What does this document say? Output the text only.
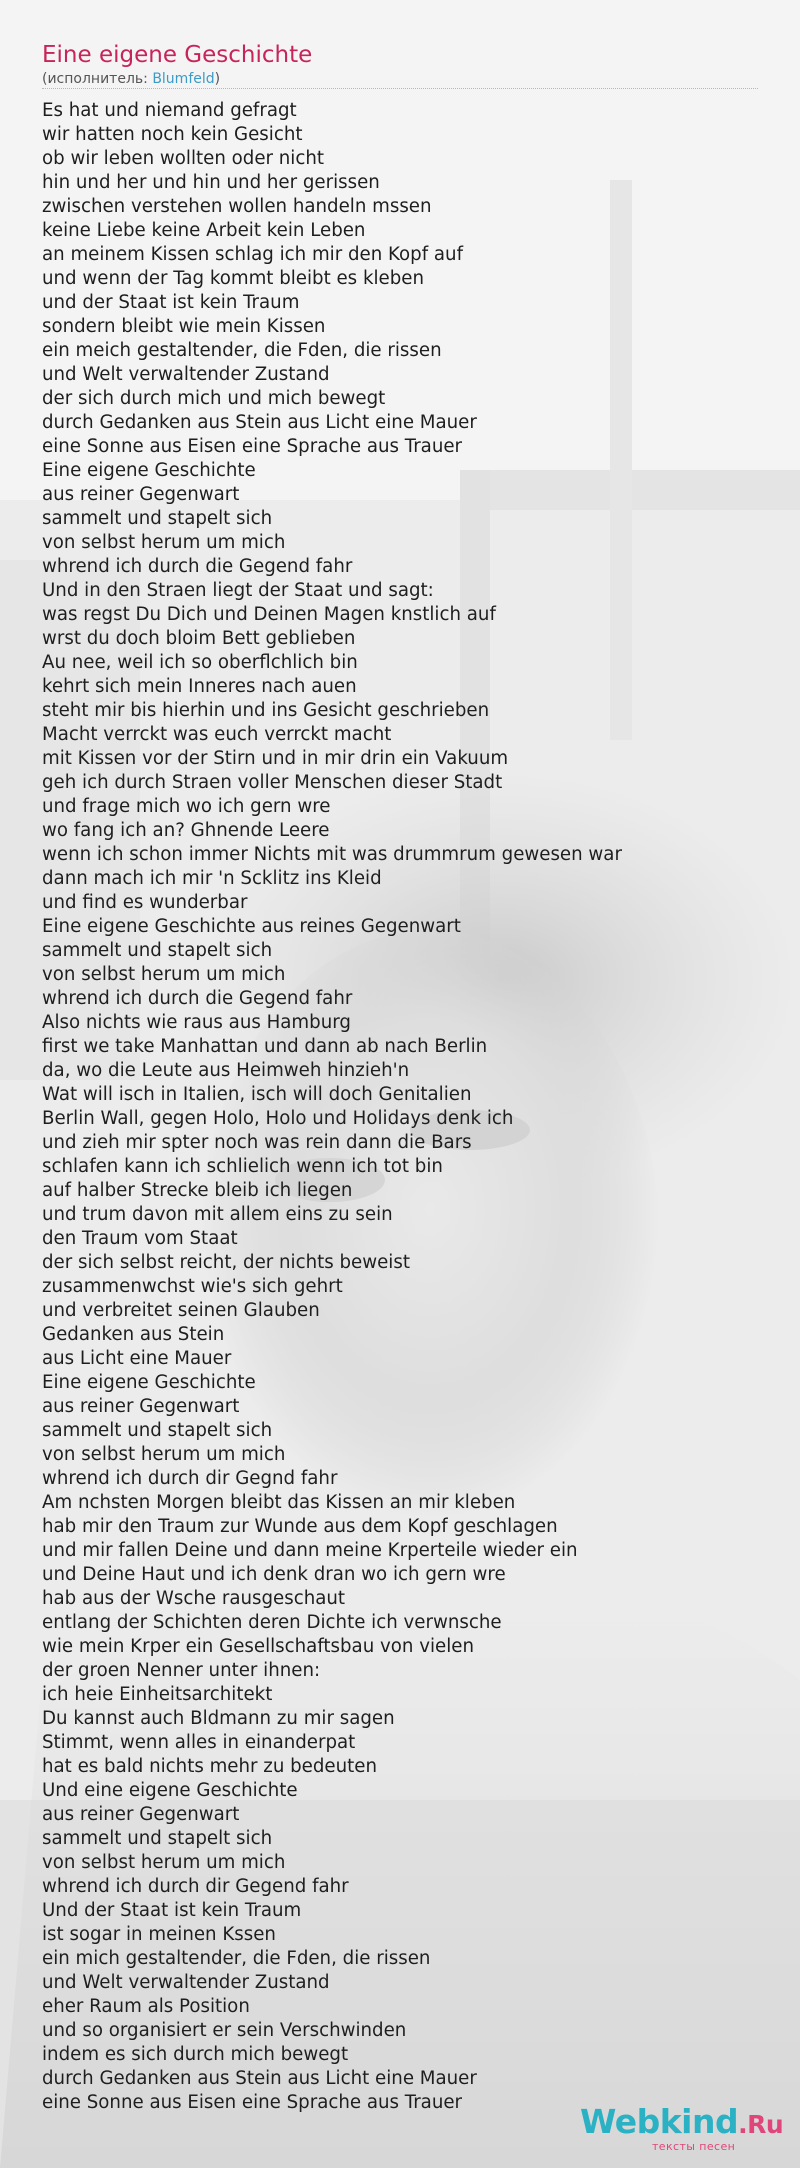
Eine eigene Geschichte
(исполнитель: Blumfeld)
Es hat und niemand gefragt
wir hatten noch kein Gesicht
ob wir leben wollten oder nicht
hin und her und hin und her gerissen
zwischen verstehen wollen handeln mssen
keine Liebe keine Arbeit kein Leben
an meinem Kissen schlag ich mir den Kopf auf
und wenn der Tag kommt bleibt es kleben
und der Staat ist kein Traum
sondern bleibt wie mein Kissen
ein meich gestaltender, die Fden, die rissen
und Welt verwaltender Zustand
der sich durch mich und mich bewegt
durch Gedanken aus Stein aus Licht eine Mauer
eine Sonne aus Eisen eine Sprache aus Trauer
Eine eigene Geschichte
aus reiner Gegenwart
sammelt und stapelt sich
von selbst herum um mich
whrend ich durch die Gegend fahr
Und in den Straen liegt der Staat und sagt:
was regst Du Dich und Deinen Magen knstlich auf
wrst du doch bloim Bett geblieben
Au nee, weil ich so oberflchlich bin
kehrt sich mein Inneres nach auen
steht mir bis hierhin und ins Gesicht geschrieben
Macht verrckt was euch verrckt macht
mit Kissen vor der Stirn und in mir drin ein Vakuum
geh ich durch Straen voller Menschen dieser Stadt
und frage mich wo ich gern wre
wo fang ich an? Ghnende Leere
wenn ich schon immer Nichts mit was drummrum gewesen war
dann mach ich mir 'n Scklitz ins Kleid
und find es wunderbar
Eine eigene Geschichte aus reines Gegenwart
sammelt und stapelt sich
von selbst herum um mich
whrend ich durch die Gegend fahr
Also nichts wie raus aus Hamburg
first we take Manhattan und dann ab nach Berlin
da, wo die Leute aus Heimweh hinzieh'n
Wat will isch in Italien, isch will doch Genitalien
Berlin Wall, gegen Holo, Holo und Holidays denk ich
und zieh mir spter noch was rein dann die Bars
schlafen kann ich schlielich wenn ich tot bin
auf halber Strecke bleib ich liegen
und trum davon mit allem eins zu sein
den Traum vom Staat
der sich selbst reicht, der nichts beweist
zusammenwchst wie's sich gehrt
und verbreitet seinen Glauben
Gedanken aus Stein
aus Licht eine Mauer
Eine eigene Geschichte
aus reiner Gegenwart
sammelt und stapelt sich
von selbst herum um mich
whrend ich durch dir Gegnd fahr
Am nchsten Morgen bleibt das Kissen an mir kleben
hab mir den Traum zur Wunde aus dem Kopf geschlagen
und mir fallen Deine und dann meine Krperteile wieder ein
und Deine Haut und ich denk dran wo ich gern wre
hab aus der Wsche rausgeschaut
entlang der Schichten deren Dichte ich verwnsche
wie mein Krper ein Gesellschaftsbau von vielen
der groen Nenner unter ihnen:
ich heie Einheitsarchitekt
Du kannst auch Bldmann zu mir sagen
Stimmt, wenn alles in einanderpat
hat es bald nichts mehr zu bedeuten
Und eine eigene Geschichte
aus reiner Gegenwart
sammelt und stapelt sich
von selbst herum um mich
whrend ich durch dir Gegend fahr
Und der Staat ist kein Traum
ist sogar in meinen Kssen
ein mich gestaltender, die Fden, die rissen
und Welt verwaltender Zustand
eher Raum als Position
und so organisiert er sein Verschwinden
indem es sich durch mich bewegt
durch Gedanken aus Stein aus Licht eine Mauer
eine Sonne aus Eisen eine Sprache aus Trauer	Webkind.Ru
тексты песен
